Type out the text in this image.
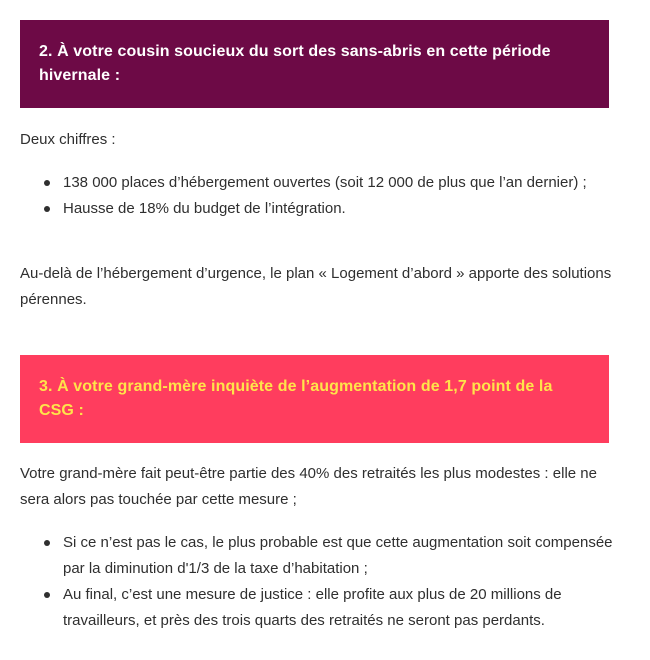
2. À votre cousin soucieux du sort des sans-abris en cette période hivernale :

Deux chiffres :

138 000 places d’hébergement ouvertes (soit 12 000 de plus que l’an dernier) ;
Hausse de 18% du budget de l’intégration.

Au-delà de l’hébergement d’urgence, le plan « Logement d’abord » apporte des solutions pérennes.

3. À votre grand-mère inquiète de l’augmentation de 1,7 point de la CSG :

Votre grand-mère fait peut-être partie des 40% des retraités les plus modestes : elle ne sera alors pas touchée par cette mesure ;

Si ce n’est pas le cas, le plus probable est que cette augmentation soit compensée par la diminution d'1/3 de la taxe d’habitation ;
Au final, c’est une mesure de justice : elle profite aux plus de 20 millions de travailleurs, et près des trois quarts des retraités ne seront pas perdants.
